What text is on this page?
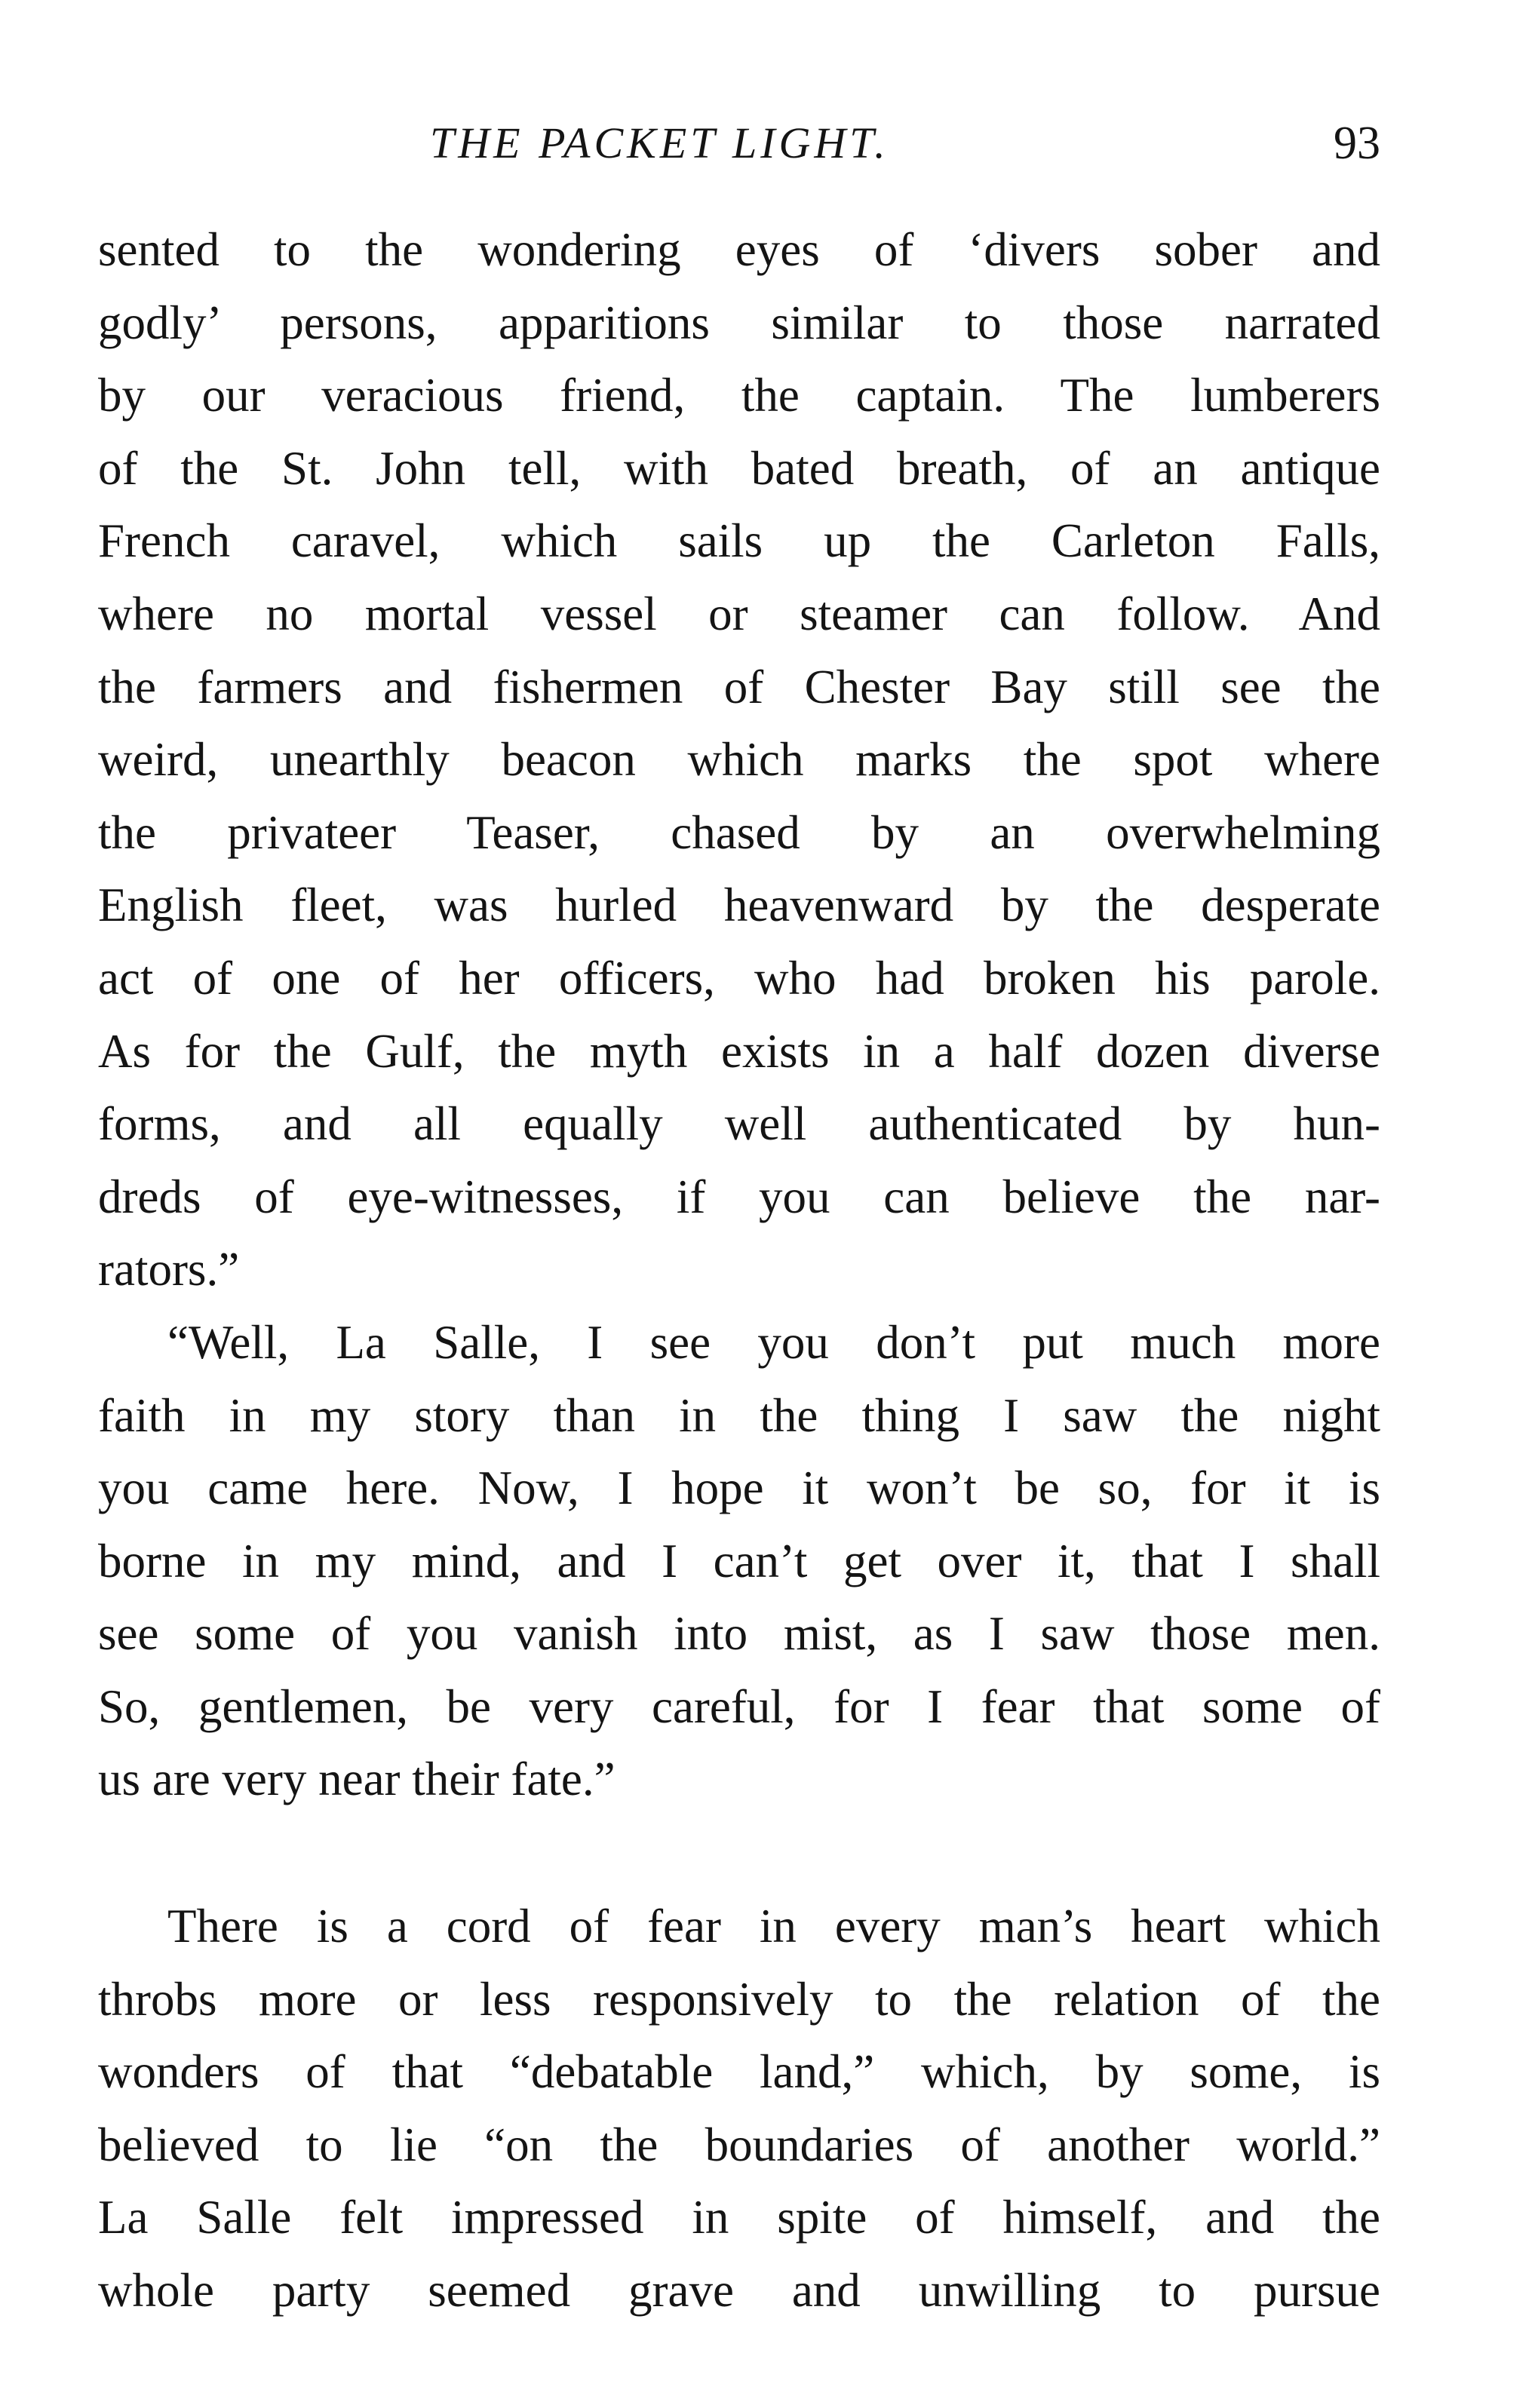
THE PACKET LIGHT.	93
sented to the wondering eyes of ‘divers sober and
godly’ persons, apparitions similar to those narrated
by our veracious friend, the captain. The lumberers
of the St. John tell, with bated breath, of an antique
French caravel, which sails up the Carleton Falls,
where no mortal vessel or steamer can follow. And
the farmers and fishermen of Chester Bay still see the
weird, unearthly beacon which marks the spot where
the privateer Teaser, chased by an overwhelming
English fleet, was hurled heavenward by the desperate
act of one of her officers, who had broken his parole.
As for the Gulf, the myth exists in a half dozen diverse
forms, and all equally well authenticated by hun-
dreds of eye-witnesses, if you can believe the nar-
rators.”
“Well, La Salle, I see you don’t put much more
faith in my story than in the thing I saw the night
you came here. Now, I hope it won’t be so, for it is
borne in my mind, and I can’t get over it, that I shall
see some of you vanish into mist, as I saw those men.
So, gentlemen, be very careful, for I fear that some of
us are very near their fate.”
There is a cord of fear in every man’s heart which
throbs more or less responsively to the relation of the
wonders of that “debatable land,” which, by some, is
believed to lie “on the boundaries of another world.”
La Salle felt impressed in spite of himself, and the
whole party seemed grave and unwilling to pursue
